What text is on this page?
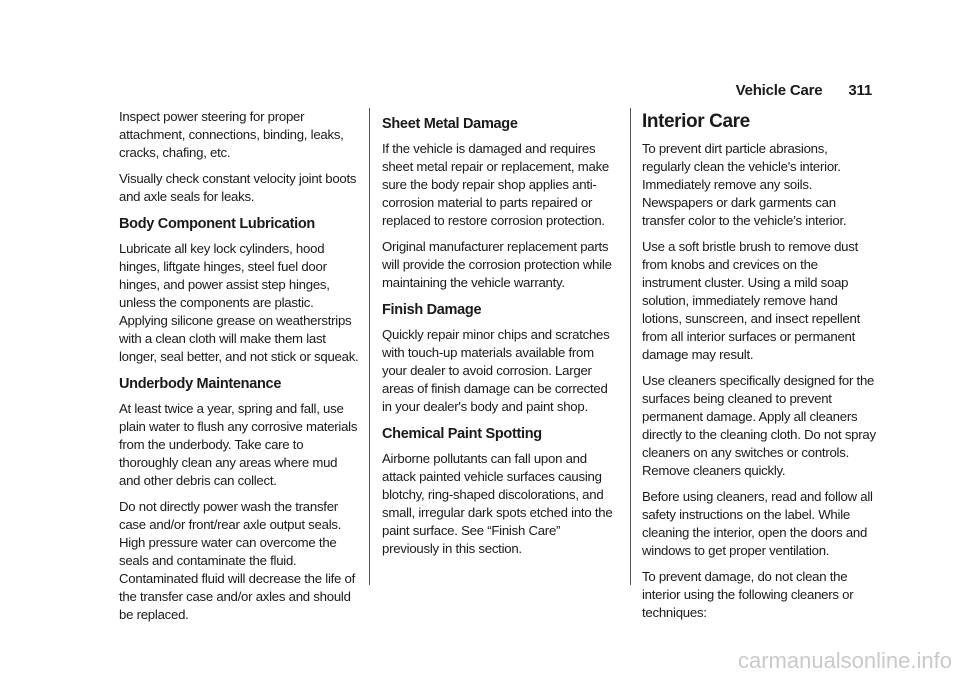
Vehicle Care 311

Inspect power steering for proper attachment, connections, binding, leaks, cracks, chafing, etc.

Visually check constant velocity joint boots and axle seals for leaks.

Body Component Lubrication

Lubricate all key lock cylinders, hood hinges, liftgate hinges, steel fuel door hinges, and power assist step hinges, unless the components are plastic. Applying silicone grease on weatherstrips with a clean cloth will make them last longer, seal better, and not stick or squeak.

Underbody Maintenance

At least twice a year, spring and fall, use plain water to flush any corrosive materials from the underbody. Take care to thoroughly clean any areas where mud and other debris can collect.

Do not directly power wash the transfer case and/or front/rear axle output seals. High pressure water can overcome the seals and contaminate the fluid. Contaminated fluid will decrease the life of the transfer case and/or axles and should be replaced.

Sheet Metal Damage

If the vehicle is damaged and requires sheet metal repair or replacement, make sure the body repair shop applies anti-corrosion material to parts repaired or replaced to restore corrosion protection.

Original manufacturer replacement parts will provide the corrosion protection while maintaining the vehicle warranty.

Finish Damage

Quickly repair minor chips and scratches with touch-up materials available from your dealer to avoid corrosion. Larger areas of finish damage can be corrected in your dealer's body and paint shop.

Chemical Paint Spotting

Airborne pollutants can fall upon and attack painted vehicle surfaces causing blotchy, ring-shaped discolorations, and small, irregular dark spots etched into the paint surface. See “Finish Care” previously in this section.

Interior Care

To prevent dirt particle abrasions, regularly clean the vehicle's interior. Immediately remove any soils. Newspapers or dark garments can transfer color to the vehicle’s interior.

Use a soft bristle brush to remove dust from knobs and crevices on the instrument cluster. Using a mild soap solution, immediately remove hand lotions, sunscreen, and insect repellent from all interior surfaces or permanent damage may result.

Use cleaners specifically designed for the surfaces being cleaned to prevent permanent damage. Apply all cleaners directly to the cleaning cloth. Do not spray cleaners on any switches or controls. Remove cleaners quickly.

Before using cleaners, read and follow all safety instructions on the label. While cleaning the interior, open the doors and windows to get proper ventilation.

To prevent damage, do not clean the interior using the following cleaners or techniques:

carmanualsonline.info
